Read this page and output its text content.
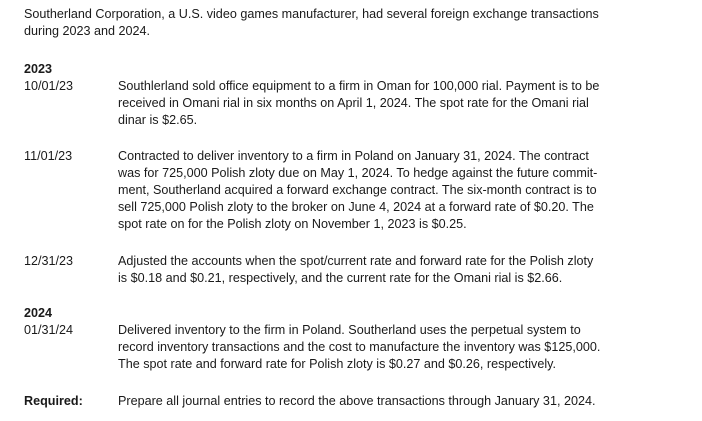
Southerland Corporation, a U.S. video games manufacturer, had several foreign exchange transactions
during 2023 and 2024.
2023
10/01/23	Southlerland sold office equipment to a firm in Oman for 100,000 rial. Payment is to be
received in Omani rial in six months on April 1, 2024. The spot rate for the Omani rial
dinar is $2.65.
11/01/23	Contracted to deliver inventory to a firm in Poland on January 31, 2024. The contract
was for 725,000 Polish zloty due on May 1, 2024. To hedge against the future commit-
ment, Southerland acquired a forward exchange contract. The six-month contract is to
sell 725,000 Polish zloty to the broker on June 4, 2024 at a forward rate of $0.20. The
spot rate on for the Polish zloty on November 1, 2023 is $0.25.
12/31/23	Adjusted the accounts when the spot/current rate and forward rate for the Polish zloty
is $0.18 and $0.21, respectively, and the current rate for the Omani rial is $2.66.
2024
01/31/24	Delivered inventory to the firm in Poland. Southerland uses the perpetual system to
record inventory transactions and the cost to manufacture the inventory was $125,000.
The spot rate and forward rate for Polish zloty is $0.27 and $0.26, respectively.
Required:	Prepare all journal entries to record the above transactions through January 31, 2024.
